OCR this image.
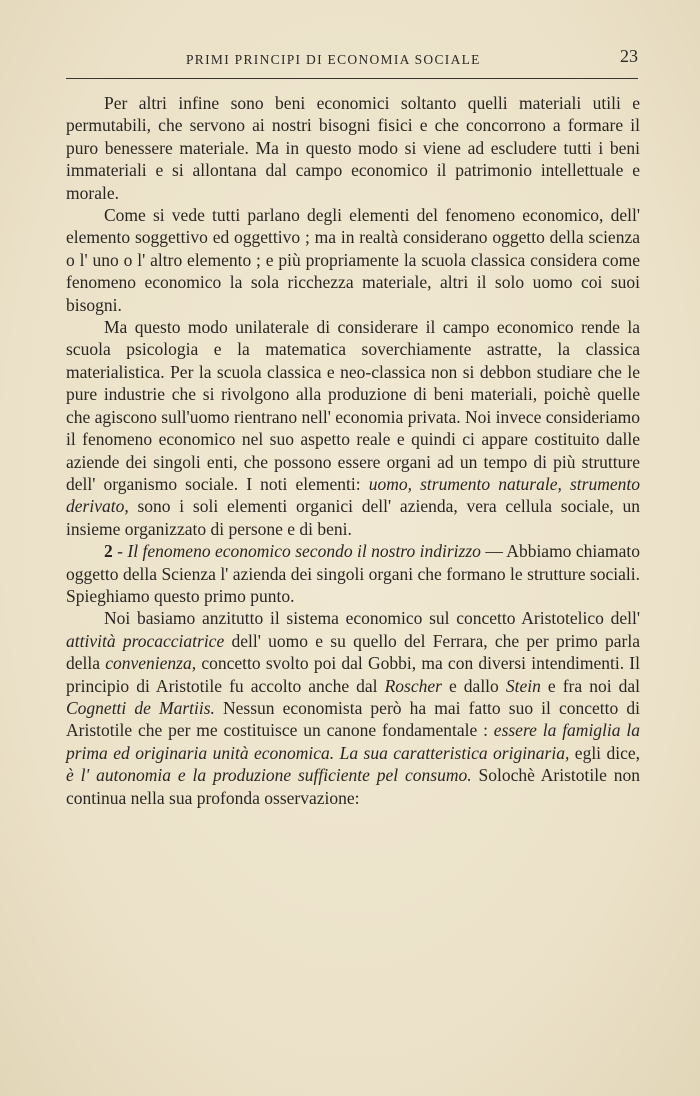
PRIMI PRINCIPI DI ECONOMIA SOCIALE	23

Per altri infine sono beni economici soltanto quelli materiali utili e permutabili, che servono ai nostri bisogni fisici e che concorrono a formare il puro benessere materiale. Ma in questo modo si viene ad escludere tutti i beni immateriali e si allontana dal campo economico il patrimonio intellettuale e morale.

Come si vede tutti parlano degli elementi del fenomeno economico, dell' elemento soggettivo ed oggettivo ; ma in realtà considerano oggetto della scienza o l' uno o l' altro elemento ; e più propriamente la scuola classica considera come fenomeno economico la sola ricchezza materiale, altri il solo uomo coi suoi bisogni.

Ma questo modo unilaterale di considerare il campo economico rende la scuola psicologia e la matematica soverchiamente astratte, la classica materialistica. Per la scuola classica e neo-classica non si debbon studiare che le pure industrie che si rivolgono alla produzione di beni materiali, poichè quelle che agiscono sull'uomo rientrano nell' economia privata. Noi invece consideriamo il fenomeno economico nel suo aspetto reale e quindi ci appare costituito dalle aziende dei singoli enti, che possono essere organi ad un tempo di più strutture dell' organismo sociale. I noti elementi: uomo, strumento naturale, strumento derivato, sono i soli elementi organici dell' azienda, vera cellula sociale, un insieme organizzato di persone e di beni.

2 - Il fenomeno economico secondo il nostro indirizzo — Abbiamo chiamato oggetto della Scienza l' azienda dei singoli organi che formano le strutture sociali. Spieghiamo questo primo punto.

Noi basiamo anzitutto il sistema economico sul concetto Aristotelico dell' attività procacciatrice dell' uomo e su quello del Ferrara, che per primo parla della convenienza, concetto svolto poi dal Gobbi, ma con diversi intendimenti. Il principio di Aristotile fu accolto anche dal Roscher e dallo Stein e fra noi dal Cognetti de Martiis. Nessun economista però ha mai fatto suo il concetto di Aristotile che per me costituisce un canone fondamentale : essere la famiglia la prima ed originaria unità economica. La sua caratteristica originaria, egli dice, è l' autonomia e la produzione sufficiente pel consumo. Solochè Aristotile non continua nella sua profonda osservazione:
